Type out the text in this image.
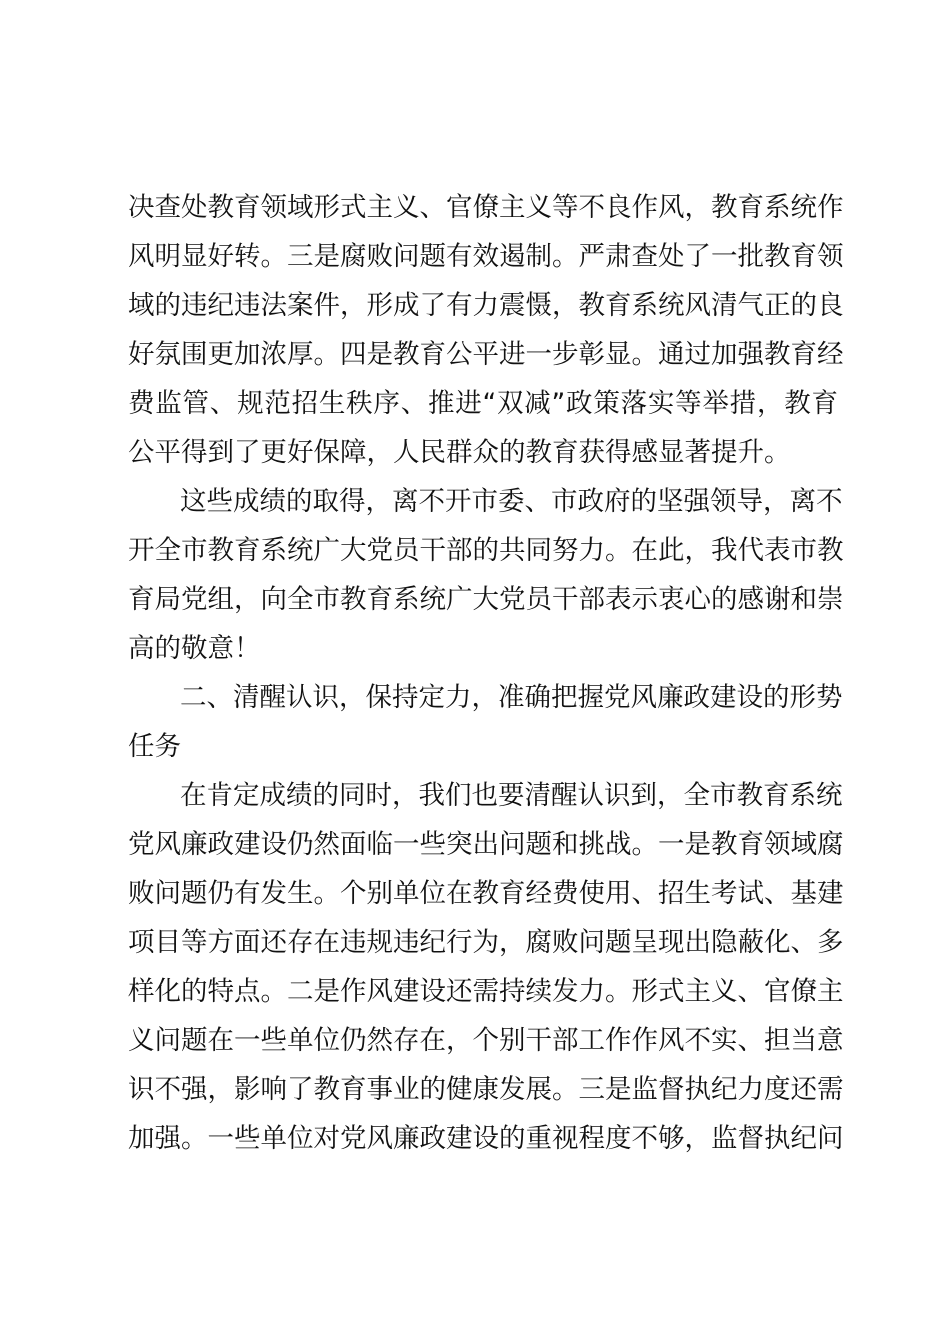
决查处教育领域形式主义、官僚主义等不良作风，教育系统作
风明显好转。三是腐败问题有效遏制。严肃查处了一批教育领
域的违纪违法案件，形成了有力震慑，教育系统风清气正的良
好氛围更加浓厚。四是教育公平进一步彰显。通过加强教育经
费监管、规范招生秩序、推进“双减”政策落实等举措，教育
公平得到了更好保障，人民群众的教育获得感显著提升。
这些成绩的取得，离不开市委、市政府的坚强领导，离不
开全市教育系统广大党员干部的共同努力。在此，我代表市教
育局党组，向全市教育系统广大党员干部表示衷心的感谢和崇
高的敬意！
二、清醒认识，保持定力，准确把握党风廉政建设的形势
任务
在肯定成绩的同时，我们也要清醒认识到，全市教育系统
党风廉政建设仍然面临一些突出问题和挑战。一是教育领域腐
败问题仍有发生。个别单位在教育经费使用、招生考试、基建
项目等方面还存在违规违纪行为，腐败问题呈现出隐蔽化、多
样化的特点。二是作风建设还需持续发力。形式主义、官僚主
义问题在一些单位仍然存在，个别干部工作作风不实、担当意
识不强，影响了教育事业的健康发展。三是监督执纪力度还需
加强。一些单位对党风廉政建设的重视程度不够，监督执纪问
